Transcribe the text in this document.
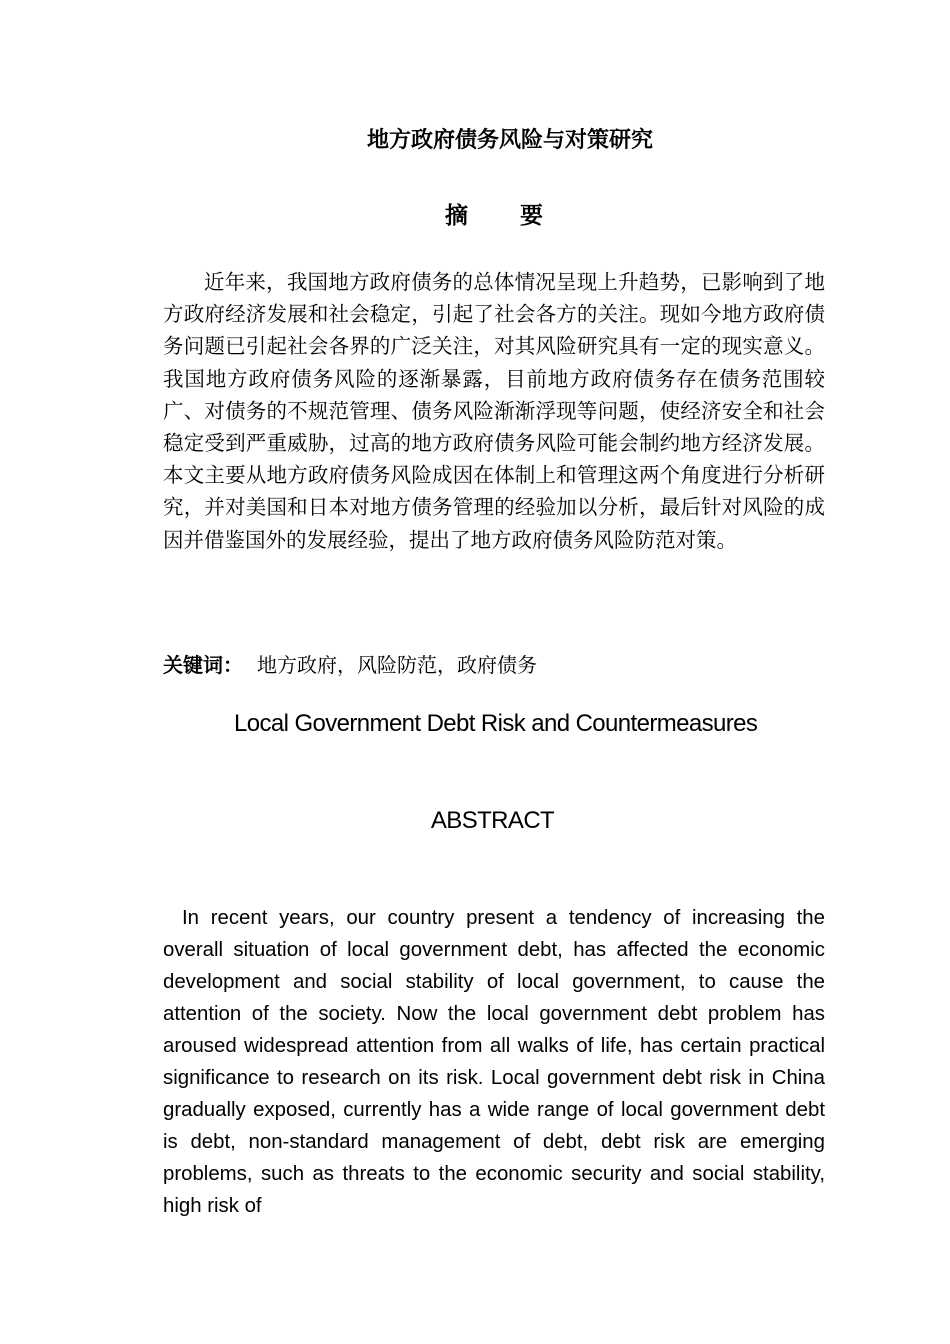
地方政府债务风险与对策研究
摘　　要

近年来，我国地方政府债务的总体情况呈现上升趋势，已影响到了地方政府经济发展和社会稳定，引起了社会各方的关注。现如今地方政府债务问题已引起社会各界的广泛关注，对其风险研究具有一定的现实意义。我国地方政府债务风险的逐渐暴露，目前地方政府债务存在债务范围较广、对债务的不规范管理、债务风险渐渐浮现等问题，使经济安全和社会稳定受到严重威胁，过高的地方政府债务风险可能会制约地方经济发展。本文主要从地方政府债务风险成因在体制上和管理这两个角度进行分析研究，并对美国和日本对地方债务管理的经验加以分析，最后针对风险的成因并借鉴国外的发展经验，提出了地方政府债务风险防范对策。

关键词： 地方政府，风险防范，政府债务
Local Government Debt Risk and Countermeasures
ABSTRACT

In recent years, our country present a tendency of increasing the overall situation of local government debt, has affected the economic development and social stability of local government, to cause the attention of the society. Now the local government debt problem has aroused widespread attention from all walks of life, has certain practical significance to research on its risk. Local government debt risk in China gradually exposed, currently has a wide range of local government debt is debt, non-standard management of debt, debt risk are emerging problems, such as threats to the economic security and social stability, high risk of
